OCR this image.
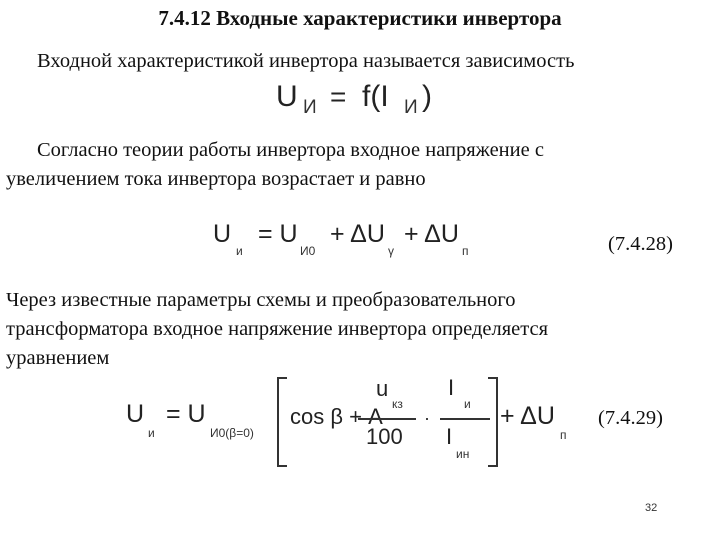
7.4.12 Входные характеристики инвертора
Входной характеристикой инвертора называется зависимость
U И = f(I И )
Согласно теории работы инвертора входное напряжение с
увеличением тока инвертора возрастает и равно
U
и
= U
И0
+ ΔU
γ
+ ΔU
п	(7.4.28)
Через известные параметры схемы и преобразовательного
трансформатора входное напряжение инвертора определяется
уравнением
U
и
= U
И0(β=0)
cos β + A
u
кз
100
·
I
и
I
ин
+ ΔU
п
(7.4.29)
32
